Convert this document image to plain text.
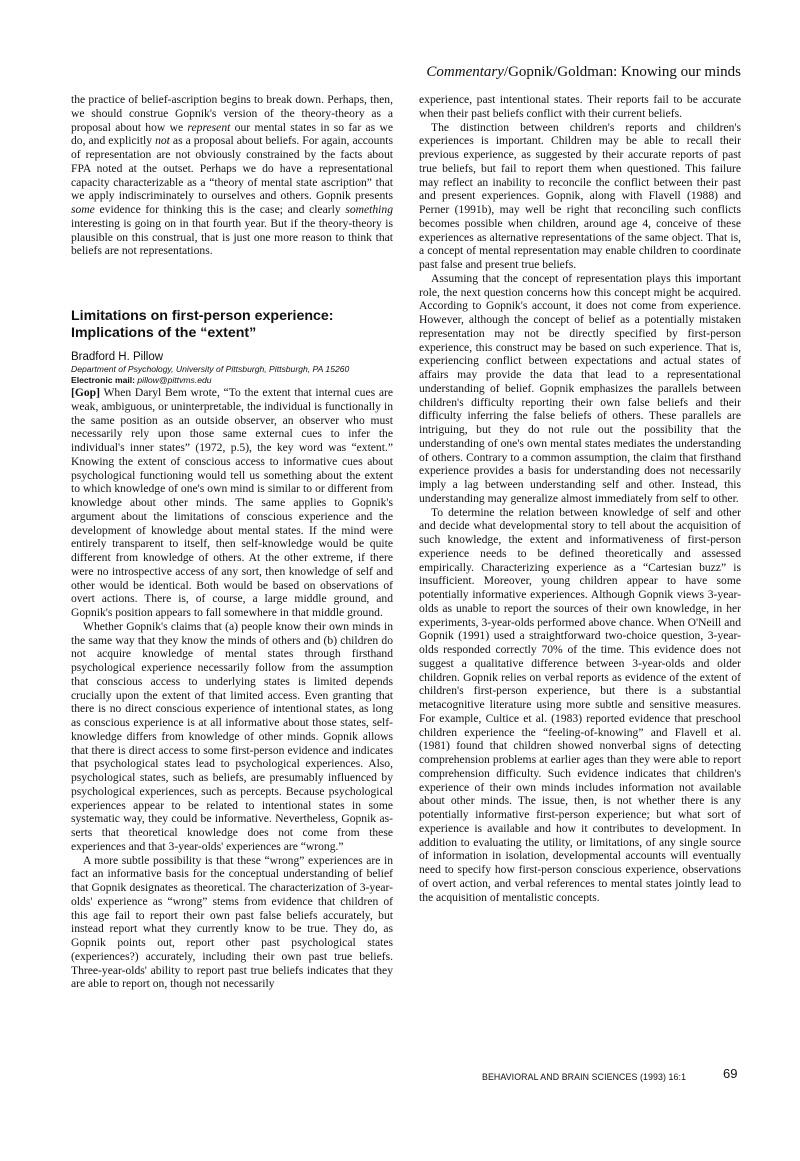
Commentary/Gopnik/Goldman: Knowing our minds

the practice of belief-ascription begins to break down. Perhaps, then, we should construe Gopnik's version of the theory-theory as a proposal about how we represent our mental states in so far as we do, and explicitly not as a proposal about beliefs. For again, accounts of representation are not obviously constrained by the facts about FPA noted at the outset. Perhaps we do have a representational capacity characterizable as a “theory of mental state ascription” that we apply indiscriminately to ourselves and others. Gopnik presents some evidence for thinking this is the case; and clearly something interesting is going on in that fourth year. But if the theory-theory is plausible on this construal, that is just one more reason to think that beliefs are not representations.

Limitations on first-person experience: Implications of the “extent”

Bradford H. Pillow

Department of Psychology, University of Pittsburgh, Pittsburgh, PA 15260

Electronic mail: pillow@pittvms.edu

[Gop] When Daryl Bem wrote, “To the extent that internal cues are weak, ambiguous, or uninterpretable, the individual is functionally in the same position as an outside observer, an observer who must necessarily rely upon those same external cues to infer the individual's inner states” (1972, p.5), the key word was “extent.” Knowing the extent of conscious access to informative cues about psychological functioning would tell us something about the extent to which knowledge of one's own mind is similar to or different from knowledge about other minds. The same applies to Gopnik's argument about the limitations of conscious experience and the development of knowledge about mental states. If the mind were entirely transparent to itself, then self-knowledge would be quite different from knowledge of others. At the other extreme, if there were no introspective access of any sort, then knowledge of self and other would be identical. Both would be based on observations of overt actions. There is, of course, a large middle ground, and Gopnik's position appears to fall somewhere in that middle ground.

Whether Gopnik's claims that (a) people know their own minds in the same way that they know the minds of others and (b) children do not acquire knowledge of mental states through firsthand psychological experience necessarily follow from the assumption that conscious access to underlying states is limited depends crucially upon the extent of that limited access. Even granting that there is no direct conscious experience of intentional states, as long as conscious experience is at all informative about those states, self-knowledge differs from knowledge of other minds. Gopnik allows that there is direct access to some first-person evidence and indicates that psychological states lead to psychological experiences. Also, psychological states, such as beliefs, are presumably influenced by psychological experiences, such as percepts. Because psychological experiences appear to be related to intentional states in some systematic way, they could be informative. Nevertheless, Gopnik asserts that theoretical knowledge does not come from these experiences and that 3-year-olds' experiences are “wrong.”

A more subtle possibility is that these “wrong” experiences are in fact an informative basis for the conceptual understanding of belief that Gopnik designates as theoretical. The characterization of 3-year-olds' experience as “wrong” stems from evidence that children of this age fail to report their own past false beliefs accurately, but instead report what they currently know to be true. They do, as Gopnik points out, report other past psychological states (experiences?) accurately, including their own past true beliefs. Three-year-olds' ability to report past true beliefs indicates that they are able to report on, though not necessarily

experience, past intentional states. Their reports fail to be accurate when their past beliefs conflict with their current beliefs.

The distinction between children's reports and children's experiences is important. Children may be able to recall their previous experience, as suggested by their accurate reports of past true beliefs, but fail to report them when questioned. This failure may reflect an inability to reconcile the conflict between their past and present experiences. Gopnik, along with Flavell (1988) and Perner (1991b), may well be right that reconciling such conflicts becomes possible when children, around age 4, conceive of these experiences as alternative representations of the same object. That is, a concept of mental representation may enable children to coordinate past false and present true beliefs.

Assuming that the concept of representation plays this important role, the next question concerns how this concept might be acquired. According to Gopnik's account, it does not come from experience. However, although the concept of belief as a potentially mistaken representation may not be directly specified by first-person experience, this construct may be based on such experience. That is, experiencing conflict between expectations and actual states of affairs may provide the data that lead to a representational understanding of belief. Gopnik emphasizes the parallels between children's difficulty reporting their own false beliefs and their difficulty inferring the false beliefs of others. These parallels are intriguing, but they do not rule out the possibility that the understanding of one's own mental states mediates the understanding of others. Contrary to a common assumption, the claim that firsthand experience provides a basis for understanding does not necessarily imply a lag between understanding self and other. Instead, this understanding may generalize almost immediately from self to other.

To determine the relation between knowledge of self and other and decide what developmental story to tell about the acquisition of such knowledge, the extent and informativeness of first-person experience needs to be defined theoretically and assessed empirically. Characterizing experience as a “Cartesian buzz” is insufficient. Moreover, young children appear to have some potentially informative experiences. Although Gopnik views 3-year-olds as unable to report the sources of their own knowledge, in her experiments, 3-year-olds performed above chance. When O'Neill and Gopnik (1991) used a straightforward two-choice question, 3-year-olds responded correctly 70% of the time. This evidence does not suggest a qualitative difference between 3-year-olds and older children. Gopnik relies on verbal reports as evidence of the extent of children's first-person experience, but there is a substantial metacognitive literature using more subtle and sensitive measures. For example, Cultice et al. (1983) reported evidence that preschool children experience the “feeling-of-knowing” and Flavell et al. (1981) found that children showed nonverbal signs of detecting comprehension problems at earlier ages than they were able to report comprehension difficulty. Such evidence indicates that children's experience of their own minds includes information not available about other minds. The issue, then, is not whether there is any potentially informative first-person experience; but what sort of experience is available and how it contributes to development. In addition to evaluating the utility, or limitations, of any single source of information in isolation, developmental accounts will eventually need to specify how first-person conscious experience, observations of overt action, and verbal references to mental states jointly lead to the acquisition of mentalistic concepts.

BEHAVIORAL AND BRAIN SCIENCES (1993) 16:1	69
